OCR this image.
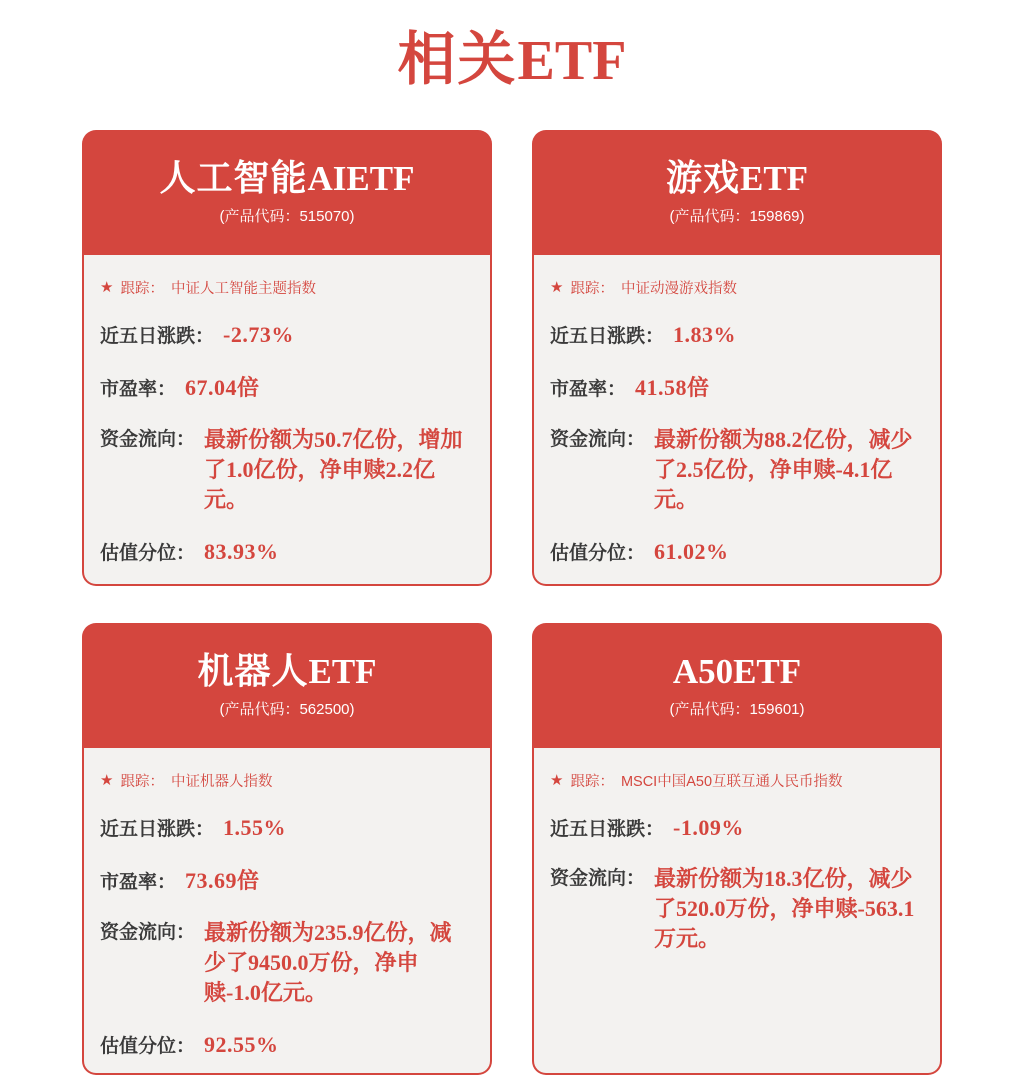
相关ETF
人工智能AIETF
(产品代码：515070)
★ 跟踪： 中证人工智能主题指数
近五日涨跌： -2.73%
市盈率： 67.04倍
资金流向： 最新份额为50.7亿份，增加了1.0亿份，净申赎2.2亿元。
估值分位： 83.93%
游戏ETF
(产品代码：159869)
★ 跟踪： 中证动漫游戏指数
近五日涨跌： 1.83%
市盈率： 41.58倍
资金流向： 最新份额为88.2亿份，减少了2.5亿份，净申赎-4.1亿元。
估值分位： 61.02%
机器人ETF
(产品代码：562500)
★ 跟踪： 中证机器人指数
近五日涨跌： 1.55%
市盈率： 73.69倍
资金流向： 最新份额为235.9亿份，减少了9450.0万份，净申赎-1.0亿元。
估值分位： 92.55%
A50ETF
(产品代码：159601)
★ 跟踪： MSCI中国A50互联互通人民币指数
近五日涨跌： -1.09%
资金流向： 最新份额为18.3亿份，减少了520.0万份，净申赎-563.1万元。
